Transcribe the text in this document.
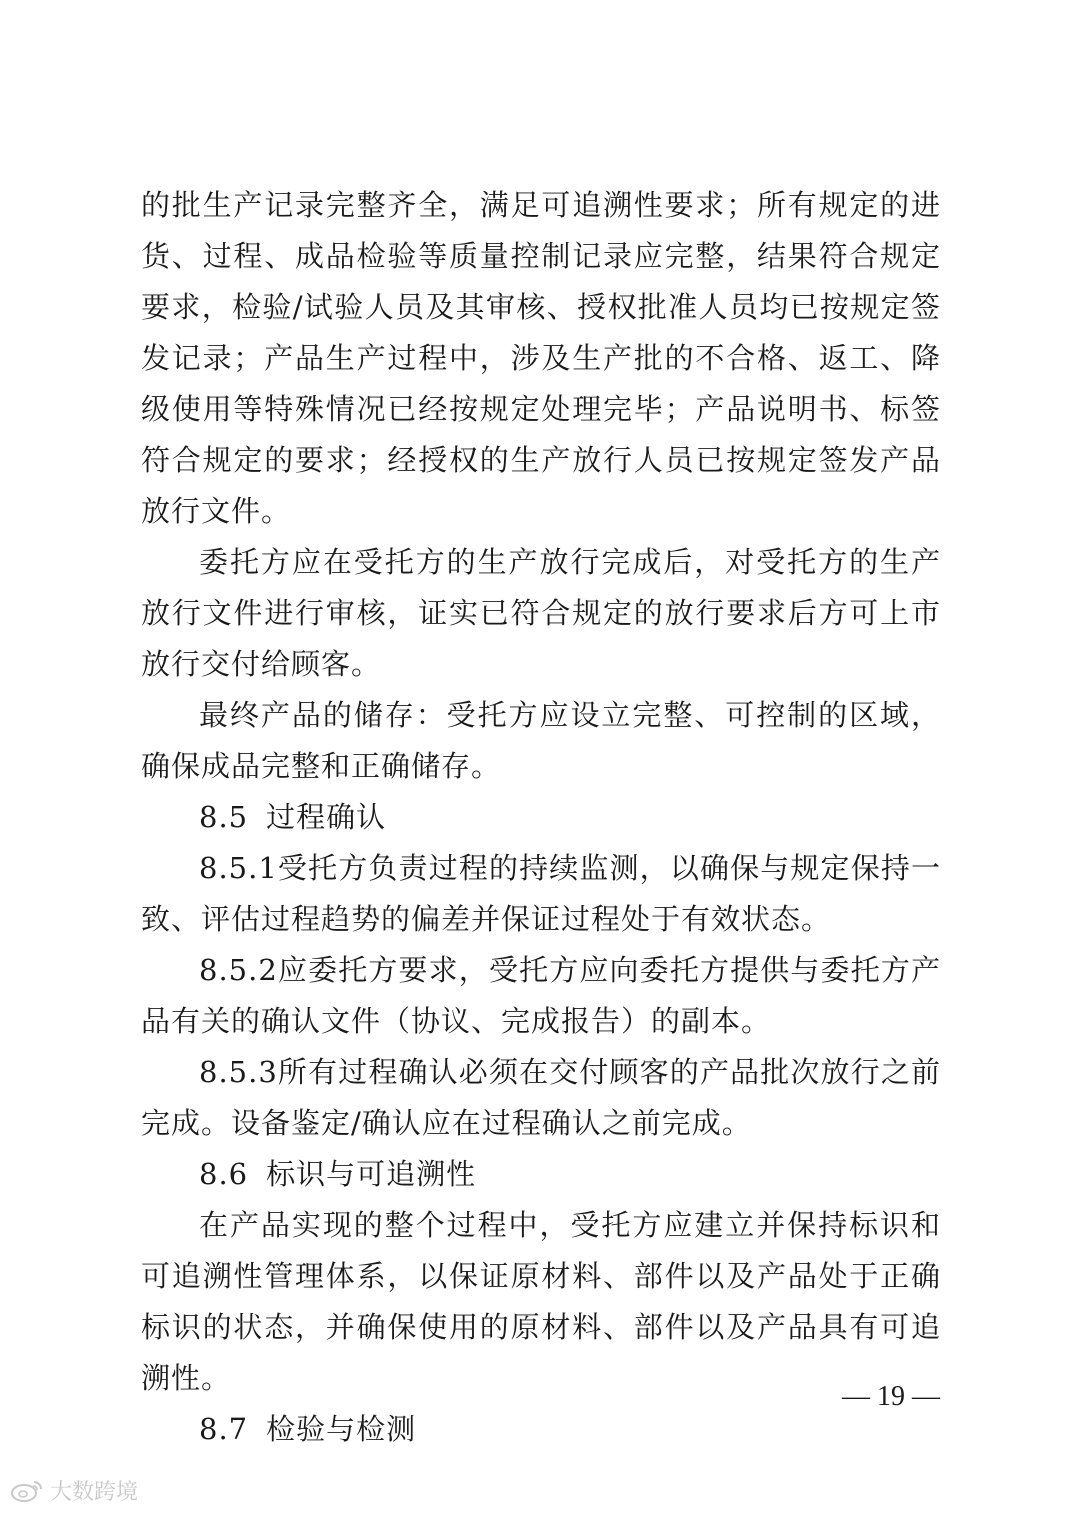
的批生产记录完整齐全，满足可追溯性要求；所有规定的进货、过程、成品检验等质量控制记录应完整，结果符合规定要求，检验/试验人员及其审核、授权批准人员均已按规定签发记录；产品生产过程中，涉及生产批的不合格、返工、降级使用等特殊情况已经按规定处理完毕；产品说明书、标签符合规定的要求；经授权的生产放行人员已按规定签发产品放行文件。

委托方应在受托方的生产放行完成后，对受托方的生产放行文件进行审核，证实已符合规定的放行要求后方可上市放行交付给顾客。

最终产品的储存：受托方应设立完整、可控制的区域，确保成品完整和正确储存。

8.5 过程确认

8.5.1受托方负责过程的持续监测，以确保与规定保持一致、评估过程趋势的偏差并保证过程处于有效状态。

8.5.2应委托方要求，受托方应向委托方提供与委托方产品有关的确认文件（协议、完成报告）的副本。

8.5.3所有过程确认必须在交付顾客的产品批次放行之前完成。设备鉴定/确认应在过程确认之前完成。

8.6 标识与可追溯性

在产品实现的整个过程中，受托方应建立并保持标识和可追溯性管理体系，以保证原材料、部件以及产品处于正确标识的状态，并确保使用的原材料、部件以及产品具有可追溯性。

8.7 检验与检测

— 19 —
大数跨境
